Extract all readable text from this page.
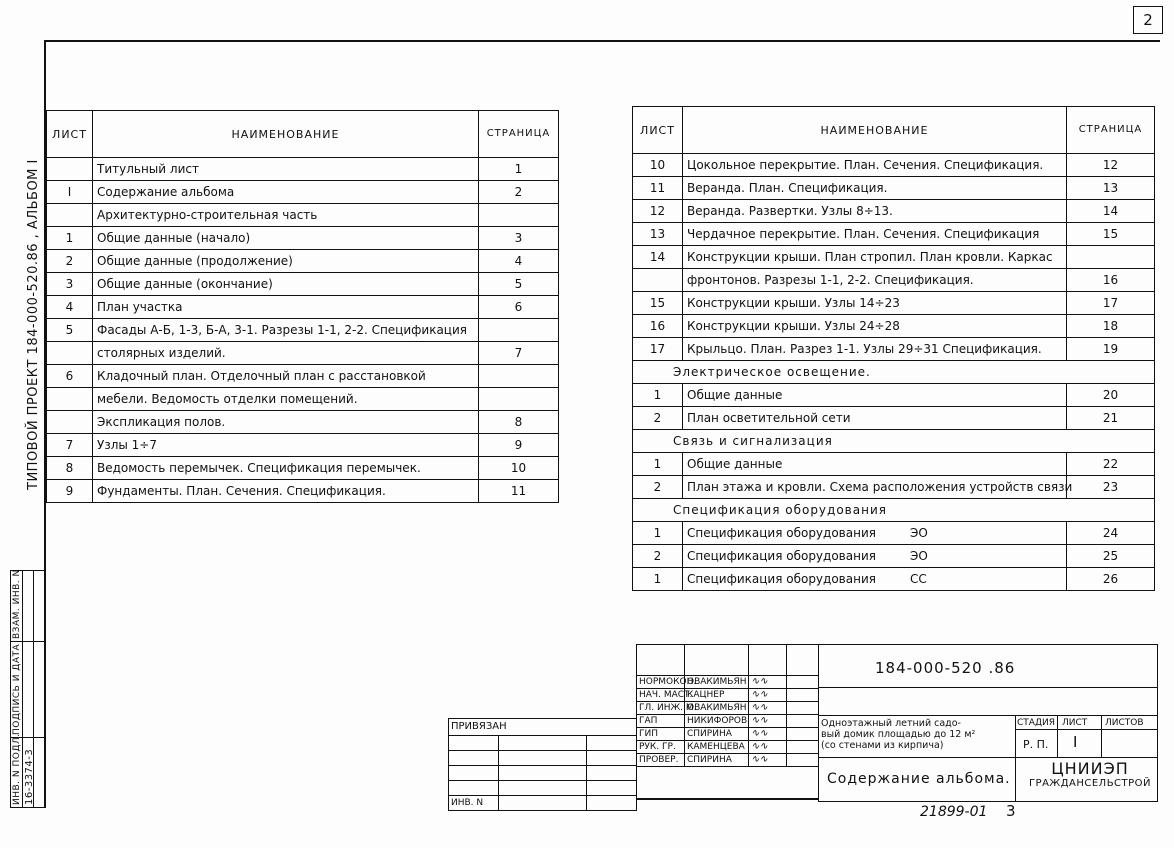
2
ТИПОВОЙ ПРОЕКТ 184-000-520.86 , АЛЬБОМ I
ИНВ. N ПОДЛ.
ПОДПИСЬ И ДАТА
ВЗАМ. ИНВ. N
16-3374-3
ЛИСТ	НАИМЕНОВАНИЕ	СТРАНИЦА
	Титульный лист	1
I	Содержание альбома	2
	Архитектурно-строительная часть	
1	Общие данные (начало)	3
2	Общие данные (продолжение)	4
3	Общие данные (окончание)	5
4	План участка	6
5	Фасады А-Б, 1-3, Б-А, 3-1. Разрезы 1-1, 2-2. Спецификация	
	столярных изделий.	7
6	Кладочный план. Отделочный план с расстановкой	
	мебели. Ведомость отделки помещений.	
	Экспликация полов.	8
7	Узлы 1÷7	9
8	Ведомость перемычек. Спецификация перемычек.	10
9	Фундаменты. План. Сечения. Спецификация.	11
ЛИСТ	НАИМЕНОВАНИЕ	СТРАНИЦА
10	Цокольное перекрытие. План. Сечения. Спецификация.	12
11	Веранда. План. Спецификация.	13
12	Веранда. Развертки. Узлы 8÷13.	14
13	Чердачное перекрытие. План. Сечения. Спецификация	15
14	Конструкции крыши. План стропил. План кровли. Каркас	
	фронтонов. Разрезы 1-1, 2-2. Спецификация.	16
15	Конструкции крыши. Узлы 14÷23	17
16	Конструкции крыши. Узлы 24÷28	18
17	Крыльцо. План. Разрез 1-1. Узлы 29÷31 Спецификация.	19
Электрическое освещение.		
1	Общие данные	20
2	План осветительной сети	21
Связь и сигнализация		
1	Общие данные	22
2	План этажа и кровли. Схема расположения устройств связи	23
Спецификация оборудования		
1	Спецификация оборудования ЭО	24
2	Спецификация оборудования ЭО	25
1	Спецификация оборудования СС	26
ПРИВЯЗАН		

ИНВ. N		

НОРМОКОН.	ОВАКИМЬЯН	∿∿	
НАЧ. МАСТ.	КАЦНЕР	∿∿	
ГЛ. ИНЖ. М.	ОВАКИМЬЯН	∿∿	
ГАП	НИКИФОРОВ	∿∿	
ГИП	СПИРИНА	∿∿	
РУК. ГР.	КАМЕНЦЕВА	∿∿	
ПРОВЕР.	СПИРИНА	∿∿	
184-000-520 .86
Одноэтажный летний садо-
вый домик площадью до 12 м²
(со стенами из кирпича)
СТАДИЯ ЛИСТ ЛИСТОВ
Р. П. I
Содержание альбома.
ЦНИИЭП
ГРАЖДАНСЕЛЬСТРОЙ
21899-01 3
